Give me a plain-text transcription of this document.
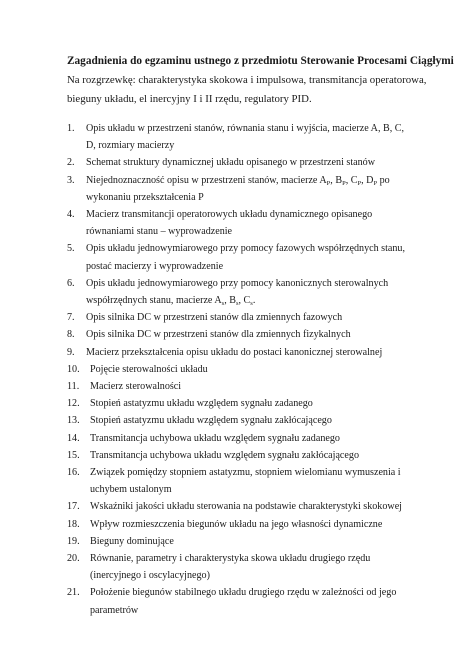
Zagadnienia do egzaminu ustnego z przedmiotu Sterowanie Procesami Ciągłymi
Na rozgrzewkę: charakterystyka skokowa i impulsowa, transmitancja operatorowa, bieguny układu, el inercyjny I i II rzędu, regulatory PID.
1. Opis układu w przestrzeni stanów, równania stanu i wyjścia, macierze A, B, C, D, rozmiary macierzy
2. Schemat struktury dynamicznej układu opisanego w przestrzeni stanów
3. Niejednoznaczność opisu w przestrzeni stanów, macierze $A_P$, $B_P$, $C_P$, $D_P$ po wykonaniu przekształcenia P
4. Macierz transmitancji operatorowych układu dynamicznego opisanego równaniami stanu – wyprowadzenie
5. Opis układu jednowymiarowego przy pomocy fazowych współrzędnych stanu, postać macierzy i wyprowadzenie
6. Opis układu jednowymiarowego przy pomocy kanonicznych sterowalnych współrzędnych stanu, macierze $A_s$, $B_s$, $C_s$.
7. Opis silnika DC w przestrzeni stanów dla zmiennych fazowych
8. Opis silnika DC w przestrzeni stanów dla zmiennych fizykalnych
9. Macierz przekształcenia opisu układu do postaci kanonicznej sterowalnej
10. Pojęcie sterowalności układu
11. Macierz sterowalności
12. Stopień astatyzmu układu względem sygnału zadanego
13. Stopień astatyzmu układu względem sygnału zakłócającego
14. Transmitancja uchybowa układu względem sygnału zadanego
15. Transmitancja uchybowa układu względem sygnału zakłócającego
16. Związek pomiędzy stopniem astatyzmu, stopniem wielomianu wymuszenia i uchybem ustalonym
17. Wskaźniki jakości układu sterowania na podstawie charakterystyki skokowej
18. Wpływ rozmieszczenia biegunów układu na jego własności dynamiczne
19. Bieguny dominujące
20. Równanie, parametry i charakterystyka skowa układu drugiego rzędu (inercyjnego i oscylacyjnego)
21. Położenie biegunów stabilnego układu drugiego rzędu w zależności od jego parametrów
